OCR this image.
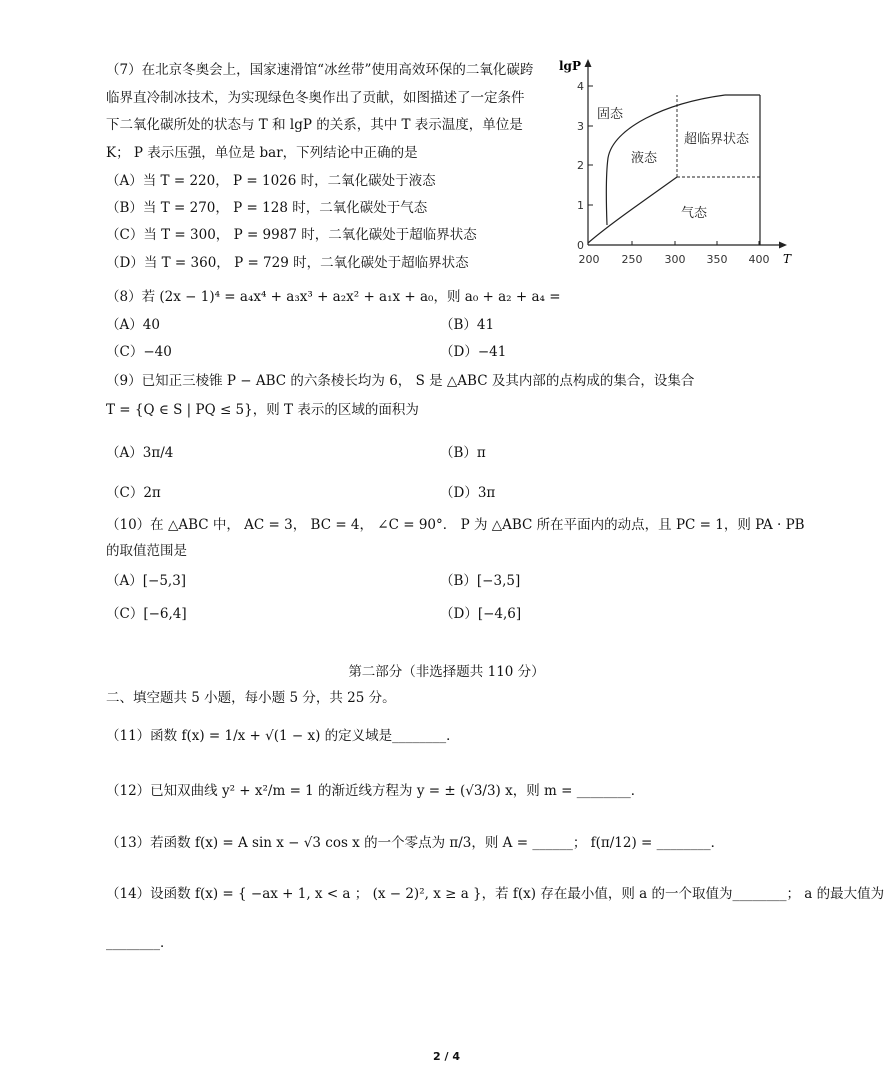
（7）在北京冬奥会上，国家速滑馆“冰丝带”使用高效环保的二氧化碳跨
临界直冷制冰技术，为实现绿色冬奥作出了贡献，如图描述了一定条件
下二氧化碳所处的状态与 T 和 lgP 的关系，其中 T 表示温度，单位是
K； P 表示压强，单位是 bar，下列结论中正确的是
（A）当 T = 220， P = 1026 时，二氧化碳处于液态
（B）当 T = 270， P = 128 时，二氧化碳处于气态
（C）当 T = 300， P = 9987 时，二氧化碳处于超临界状态
（D）当 T = 360， P = 729 时，二氧化碳处于超临界状态
0
1
2
3
4
200 250 300 350 400
lgP
T
固态
液态
超临界状态
气态
（8）若 (2x − 1)⁴ = a₄x⁴ + a₃x³ + a₂x² + a₁x + a₀，则 a₀ + a₂ + a₄ =
（A）40	（B）41
（C）−40	（D）−41
（9）已知正三棱锥 P − ABC 的六条棱长均为 6， S 是 △ABC 及其内部的点构成的集合，设集合
T = {Q ∈ S | PQ ≤ 5}，则 T 表示的区域的面积为
（A）3π/4	（B）π
（C）2π	（D）3π
（10）在 △ABC 中， AC = 3， BC = 4， ∠C = 90°． P 为 △ABC 所在平面内的动点，且 PC = 1，则 PA · PB
的取值范围是
（A）[−5,3]	（B）[−3,5]
（C）[−6,4]	（D）[−4,6]
第二部分（非选择题共 110 分）
二、填空题共 5 小题，每小题 5 分，共 25 分。
（11）函数 f(x) = 1/x + √(1 − x) 的定义域是________．
（12）已知双曲线 y² + x²/m = 1 的渐近线方程为 y = ± (√3/3) x，则 m = ________．
（13）若函数 f(x) = A sin x − √3 cos x 的一个零点为 π/3，则 A = ______； f(π/12) = ________．
（14）设函数 f(x) = { −ax + 1, x < a ； (x − 2)², x ≥ a }，若 f(x) 存在最小值，则 a 的一个取值为________； a 的最大值为
________．
2 / 4
